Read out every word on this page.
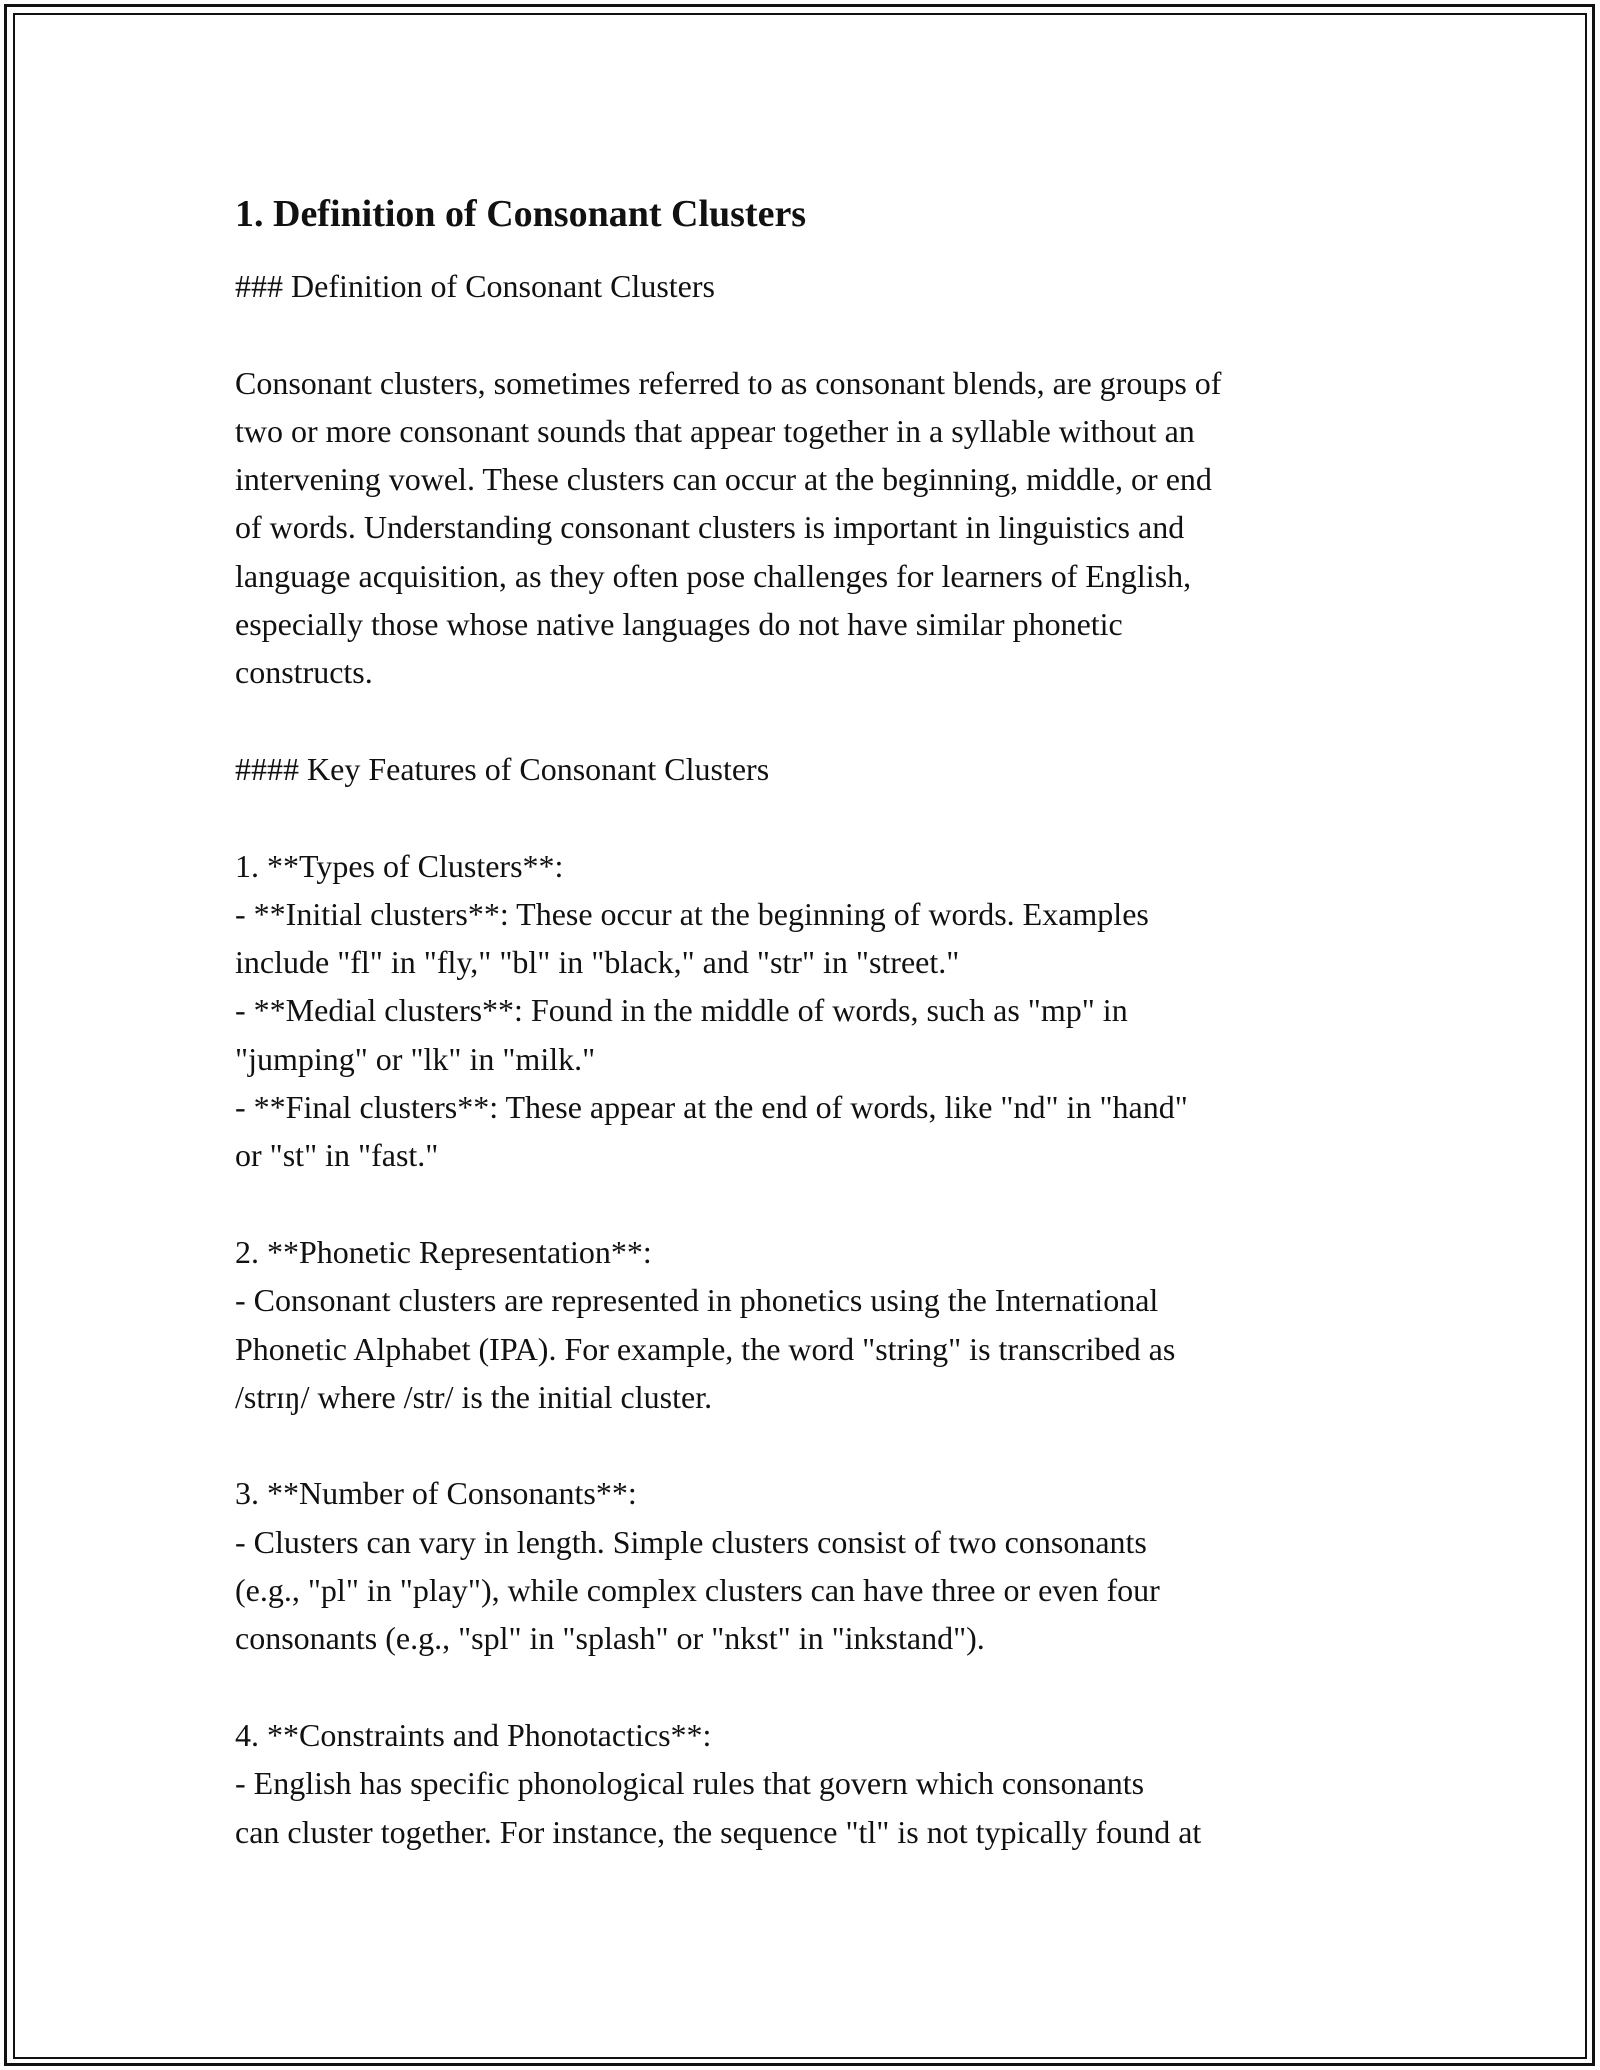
1. Definition of Consonant Clusters

### Definition of Consonant Clusters

Consonant clusters, sometimes referred to as consonant blends, are groups of
two or more consonant sounds that appear together in a syllable without an
intervening vowel. These clusters can occur at the beginning, middle, or end
of words. Understanding consonant clusters is important in linguistics and
language acquisition, as they often pose challenges for learners of English,
especially those whose native languages do not have similar phonetic
constructs.

#### Key Features of Consonant Clusters

1. **Types of Clusters**:
- **Initial clusters**: These occur at the beginning of words. Examples
include "fl" in "fly," "bl" in "black," and "str" in "street."
- **Medial clusters**: Found in the middle of words, such as "mp" in
"jumping" or "lk" in "milk."
- **Final clusters**: These appear at the end of words, like "nd" in "hand"
or "st" in "fast."

2. **Phonetic Representation**:
- Consonant clusters are represented in phonetics using the International
Phonetic Alphabet (IPA). For example, the word "string" is transcribed as
/strɪŋ/ where /str/ is the initial cluster.

3. **Number of Consonants**:
- Clusters can vary in length. Simple clusters consist of two consonants
(e.g., "pl" in "play"), while complex clusters can have three or even four
consonants (e.g., "spl" in "splash" or "nkst" in "inkstand").

4. **Constraints and Phonotactics**:
- English has specific phonological rules that govern which consonants
can cluster together. For instance, the sequence "tl" is not typically found at
